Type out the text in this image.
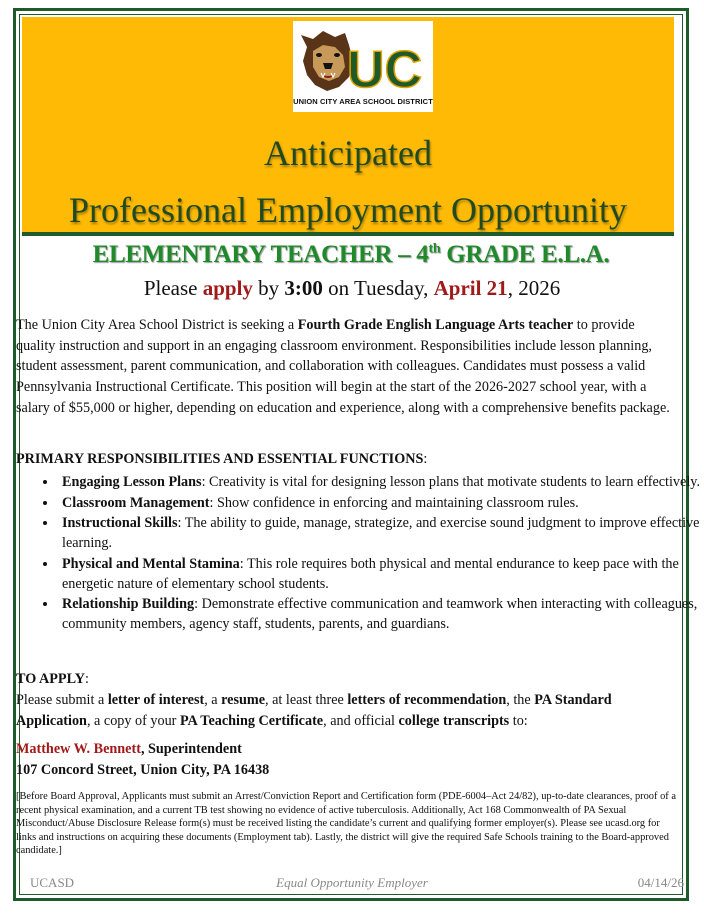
UC
UNION CITY AREA SCHOOL DISTRICT
Anticipated
Professional Employment Opportunity
ELEMENTARY TEACHER – 4th GRADE E.L.A.
Please apply by 3:00 on Tuesday, April 21, 2026
The Union City Area School District is seeking a Fourth Grade English Language Arts teacher to provide quality instruction and support in an engaging classroom environment. Responsibilities include lesson planning, student assessment, parent communication, and collaboration with colleagues. Candidates must possess a valid Pennsylvania Instructional Certificate. This position will begin at the start of the 2026-2027 school year, with a salary of $55,000 or higher, depending on education and experience, along with a comprehensive benefits package.
PRIMARY RESPONSIBILITIES AND ESSENTIAL FUNCTIONS:
• Engaging Lesson Plans: Creativity is vital for designing lesson plans that motivate students to learn effectively.
• Classroom Management: Show confidence in enforcing and maintaining classroom rules.
• Instructional Skills: The ability to guide, manage, strategize, and exercise sound judgment to improve effective learning.
• Physical and Mental Stamina: This role requires both physical and mental endurance to keep pace with the energetic nature of elementary school students.
• Relationship Building: Demonstrate effective communication and teamwork when interacting with colleagues, community members, agency staff, students, parents, and guardians.
TO APPLY:
Please submit a letter of interest, a resume, at least three letters of recommendation, the PA Standard Application, a copy of your PA Teaching Certificate, and official college transcripts to:
Matthew W. Bennett, Superintendent
107 Concord Street, Union City, PA 16438
[Before Board Approval, Applicants must submit an Arrest/Conviction Report and Certification form (PDE-6004–Act 24/82), up-to-date clearances, proof of a recent physical examination, and a current TB test showing no evidence of active tuberculosis. Additionally, Act 168 Commonwealth of PA Sexual Misconduct/Abuse Disclosure Release form(s) must be received listing the candidate’s current and qualifying former employer(s). Please see ucasd.org for links and instructions on acquiring these documents (Employment tab). Lastly, the district will give the required Safe Schools training to the Board-approved candidate.]
UCASD	Equal Opportunity Employer	04/14/26
